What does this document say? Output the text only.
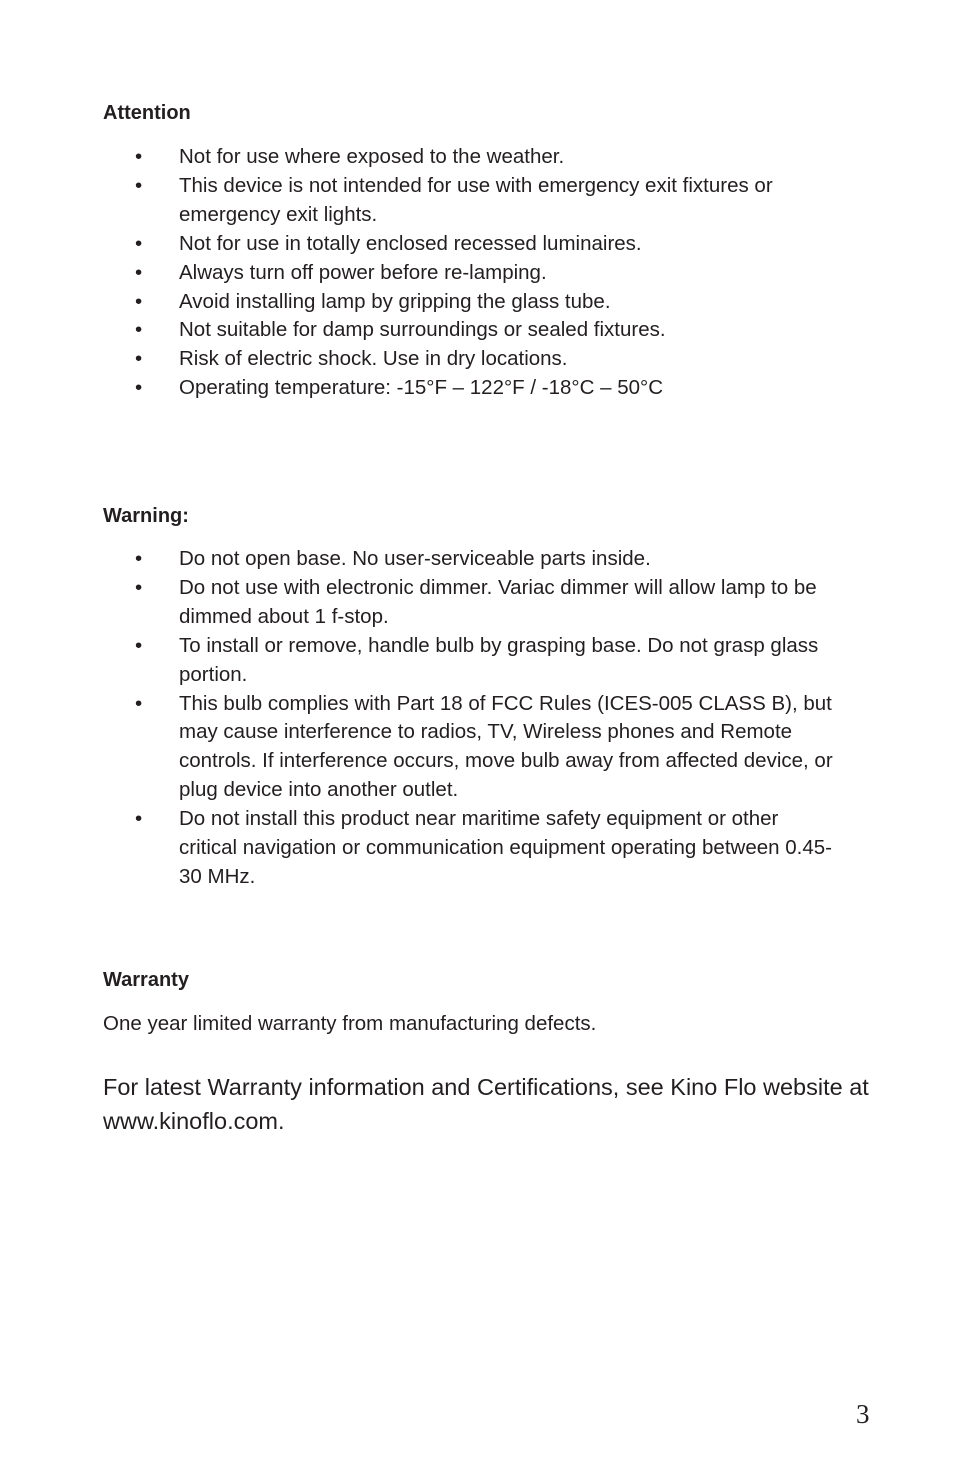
Attention
• Not for use where exposed to the weather.
• This device is not intended for use with emergency exit fixtures or emergency exit lights.
• Not for use in totally enclosed recessed luminaires.
• Always turn off power before re-lamping.
• Avoid installing lamp by gripping the glass tube.
• Not suitable for damp surroundings or sealed fixtures.
• Risk of electric shock. Use in dry locations.
• Operating temperature: -15°F – 122°F / -18°C – 50°C
Warning:
• Do not open base. No user-serviceable parts inside.
• Do not use with electronic dimmer. Variac dimmer will allow lamp to be dimmed about 1 f-stop.
• To install or remove, handle bulb by grasping base. Do not grasp glass portion.
• This bulb complies with Part 18 of FCC Rules (ICES-005 CLASS B), but may cause interference to radios, TV, Wireless phones and Remote controls. If interference occurs, move bulb away from affected device, or plug device into another outlet.
• Do not install this product near maritime safety equipment or other critical navigation or communication equipment operating between 0.45-30 MHz.
Warranty

One year limited warranty from manufacturing defects.

For latest Warranty information and Certifications, see Kino Flo website at www.kinoflo.com.

3
